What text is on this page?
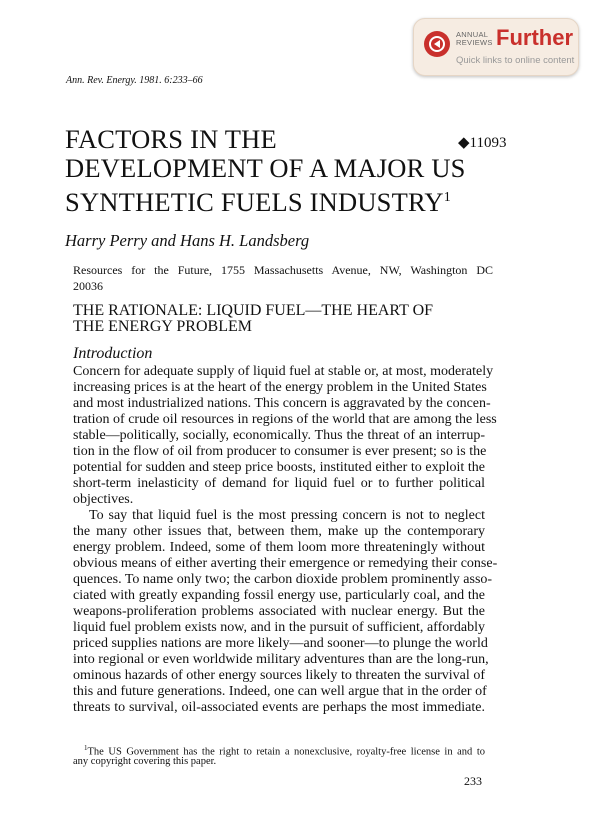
ANNUAL
REVIEWS Further
Quick links to online content
Ann. Rev. Energy. 1981. 6:233–66
FACTORS IN THE
DEVELOPMENT OF A MAJOR US
SYNTHETIC FUELS INDUSTRY$^1$
◆11093
Harry Perry and Hans H. Landsberg
Resources for the Future, 1755 Massachusetts Avenue, NW, Washington DC
20036
THE RATIONALE: LIQUID FUEL—THE HEART OF
THE ENERGY PROBLEM
Introduction
Concern for adequate supply of liquid fuel at stable or, at most, moderately
increasing prices is at the heart of the energy problem in the United States
and most industrialized nations. This concern is aggravated by the concen-
tration of crude oil resources in regions of the world that are among the less
stable—politically, socially, economically. Thus the threat of an interrup-
tion in the flow of oil from producer to consumer is ever present; so is the
potential for sudden and steep price boosts, instituted either to exploit the
short-term inelasticity of demand for liquid fuel or to further political
objectives.
To say that liquid fuel is the most pressing concern is not to neglect
the many other issues that, between them, make up the contemporary
energy problem. Indeed, some of them loom more threateningly without
obvious means of either averting their emergence or remedying their conse-
quences. To name only two; the carbon dioxide problem prominently asso-
ciated with greatly expanding fossil energy use, particularly coal, and the
weapons-proliferation problems associated with nuclear energy. But the
liquid fuel problem exists now, and in the pursuit of sufficient, affordably
priced supplies nations are more likely—and sooner—to plunge the world
into regional or even worldwide military adventures than are the long-run,
ominous hazards of other energy sources likely to threaten the survival of
this and future generations. Indeed, one can well argue that in the order of
threats to survival, oil-associated events are perhaps the most immediate.
$^1$The US Government has the right to retain a nonexclusive, royalty-free license in and to
any copyright covering this paper.
233
